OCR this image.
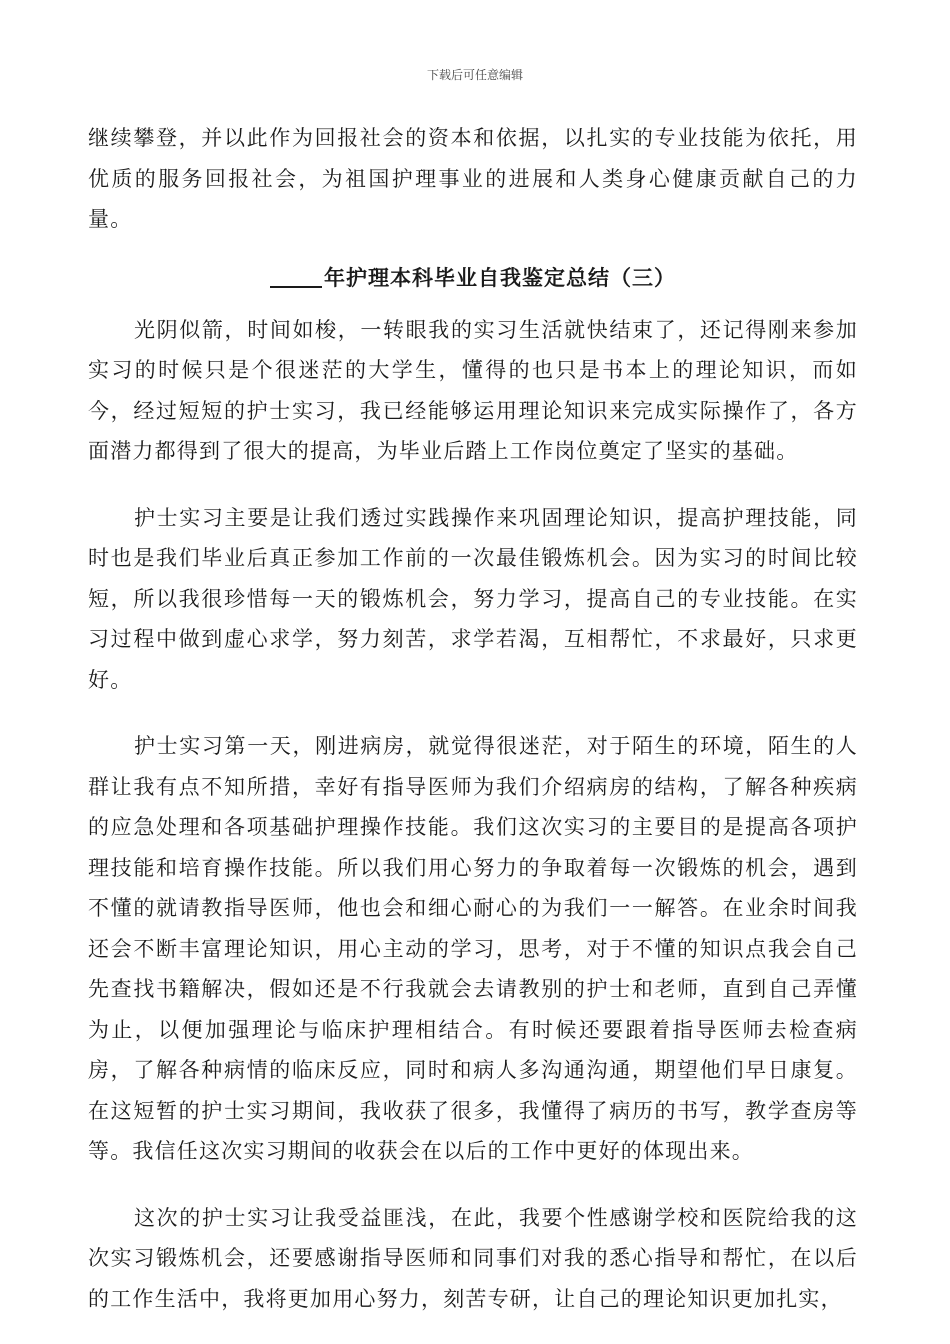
下载后可任意编辑

继续攀登，并以此作为回报社会的资本和依据，以扎实的专业技能为依托，用优质的服务回报社会，为祖国护理事业的进展和人类身心健康贡献自己的力量。

年护理本科毕业自我鉴定总结（三）

光阴似箭，时间如梭，一转眼我的实习生活就快结束了，还记得刚来参加实习的时候只是个很迷茫的大学生，懂得的也只是书本上的理论知识，而如今，经过短短的护士实习，我已经能够运用理论知识来完成实际操作了，各方面潜力都得到了很大的提高，为毕业后踏上工作岗位奠定了坚实的基础。

护士实习主要是让我们透过实践操作来巩固理论知识，提高护理技能，同时也是我们毕业后真正参加工作前的一次最佳锻炼机会。因为实习的时间比较短，所以我很珍惜每一天的锻炼机会，努力学习，提高自己的专业技能。在实习过程中做到虚心求学，努力刻苦，求学若渴，互相帮忙，不求最好，只求更好。

护士实习第一天，刚进病房，就觉得很迷茫，对于陌生的环境，陌生的人群让我有点不知所措，幸好有指导医师为我们介绍病房的结构，了解各种疾病的应急处理和各项基础护理操作技能。我们这次实习的主要目的是提高各项护理技能和培育操作技能。所以我们用心努力的争取着每一次锻炼的机会，遇到不懂的就请教指导医师，他也会和细心耐心的为我们一一解答。在业余时间我还会不断丰富理论知识，用心主动的学习，思考，对于不懂的知识点我会自己先查找书籍解决，假如还是不行我就会去请教别的护士和老师，直到自己弄懂为止，以便加强理论与临床护理相结合。有时候还要跟着指导医师去检查病房，了解各种病情的临床反应，同时和病人多沟通沟通，期望他们早日康复。在这短暂的护士实习期间，我收获了很多，我懂得了病历的书写，教学查房等等。我信任这次实习期间的收获会在以后的工作中更好的体现出来。

这次的护士实习让我受益匪浅，在此，我要个性感谢学校和医院给我的这次实习锻炼机会，还要感谢指导医师和同事们对我的悉心指导和帮忙，在以后的工作生活中，我将更加用心努力，刻苦专研，让自己的理论知识更加扎实，
